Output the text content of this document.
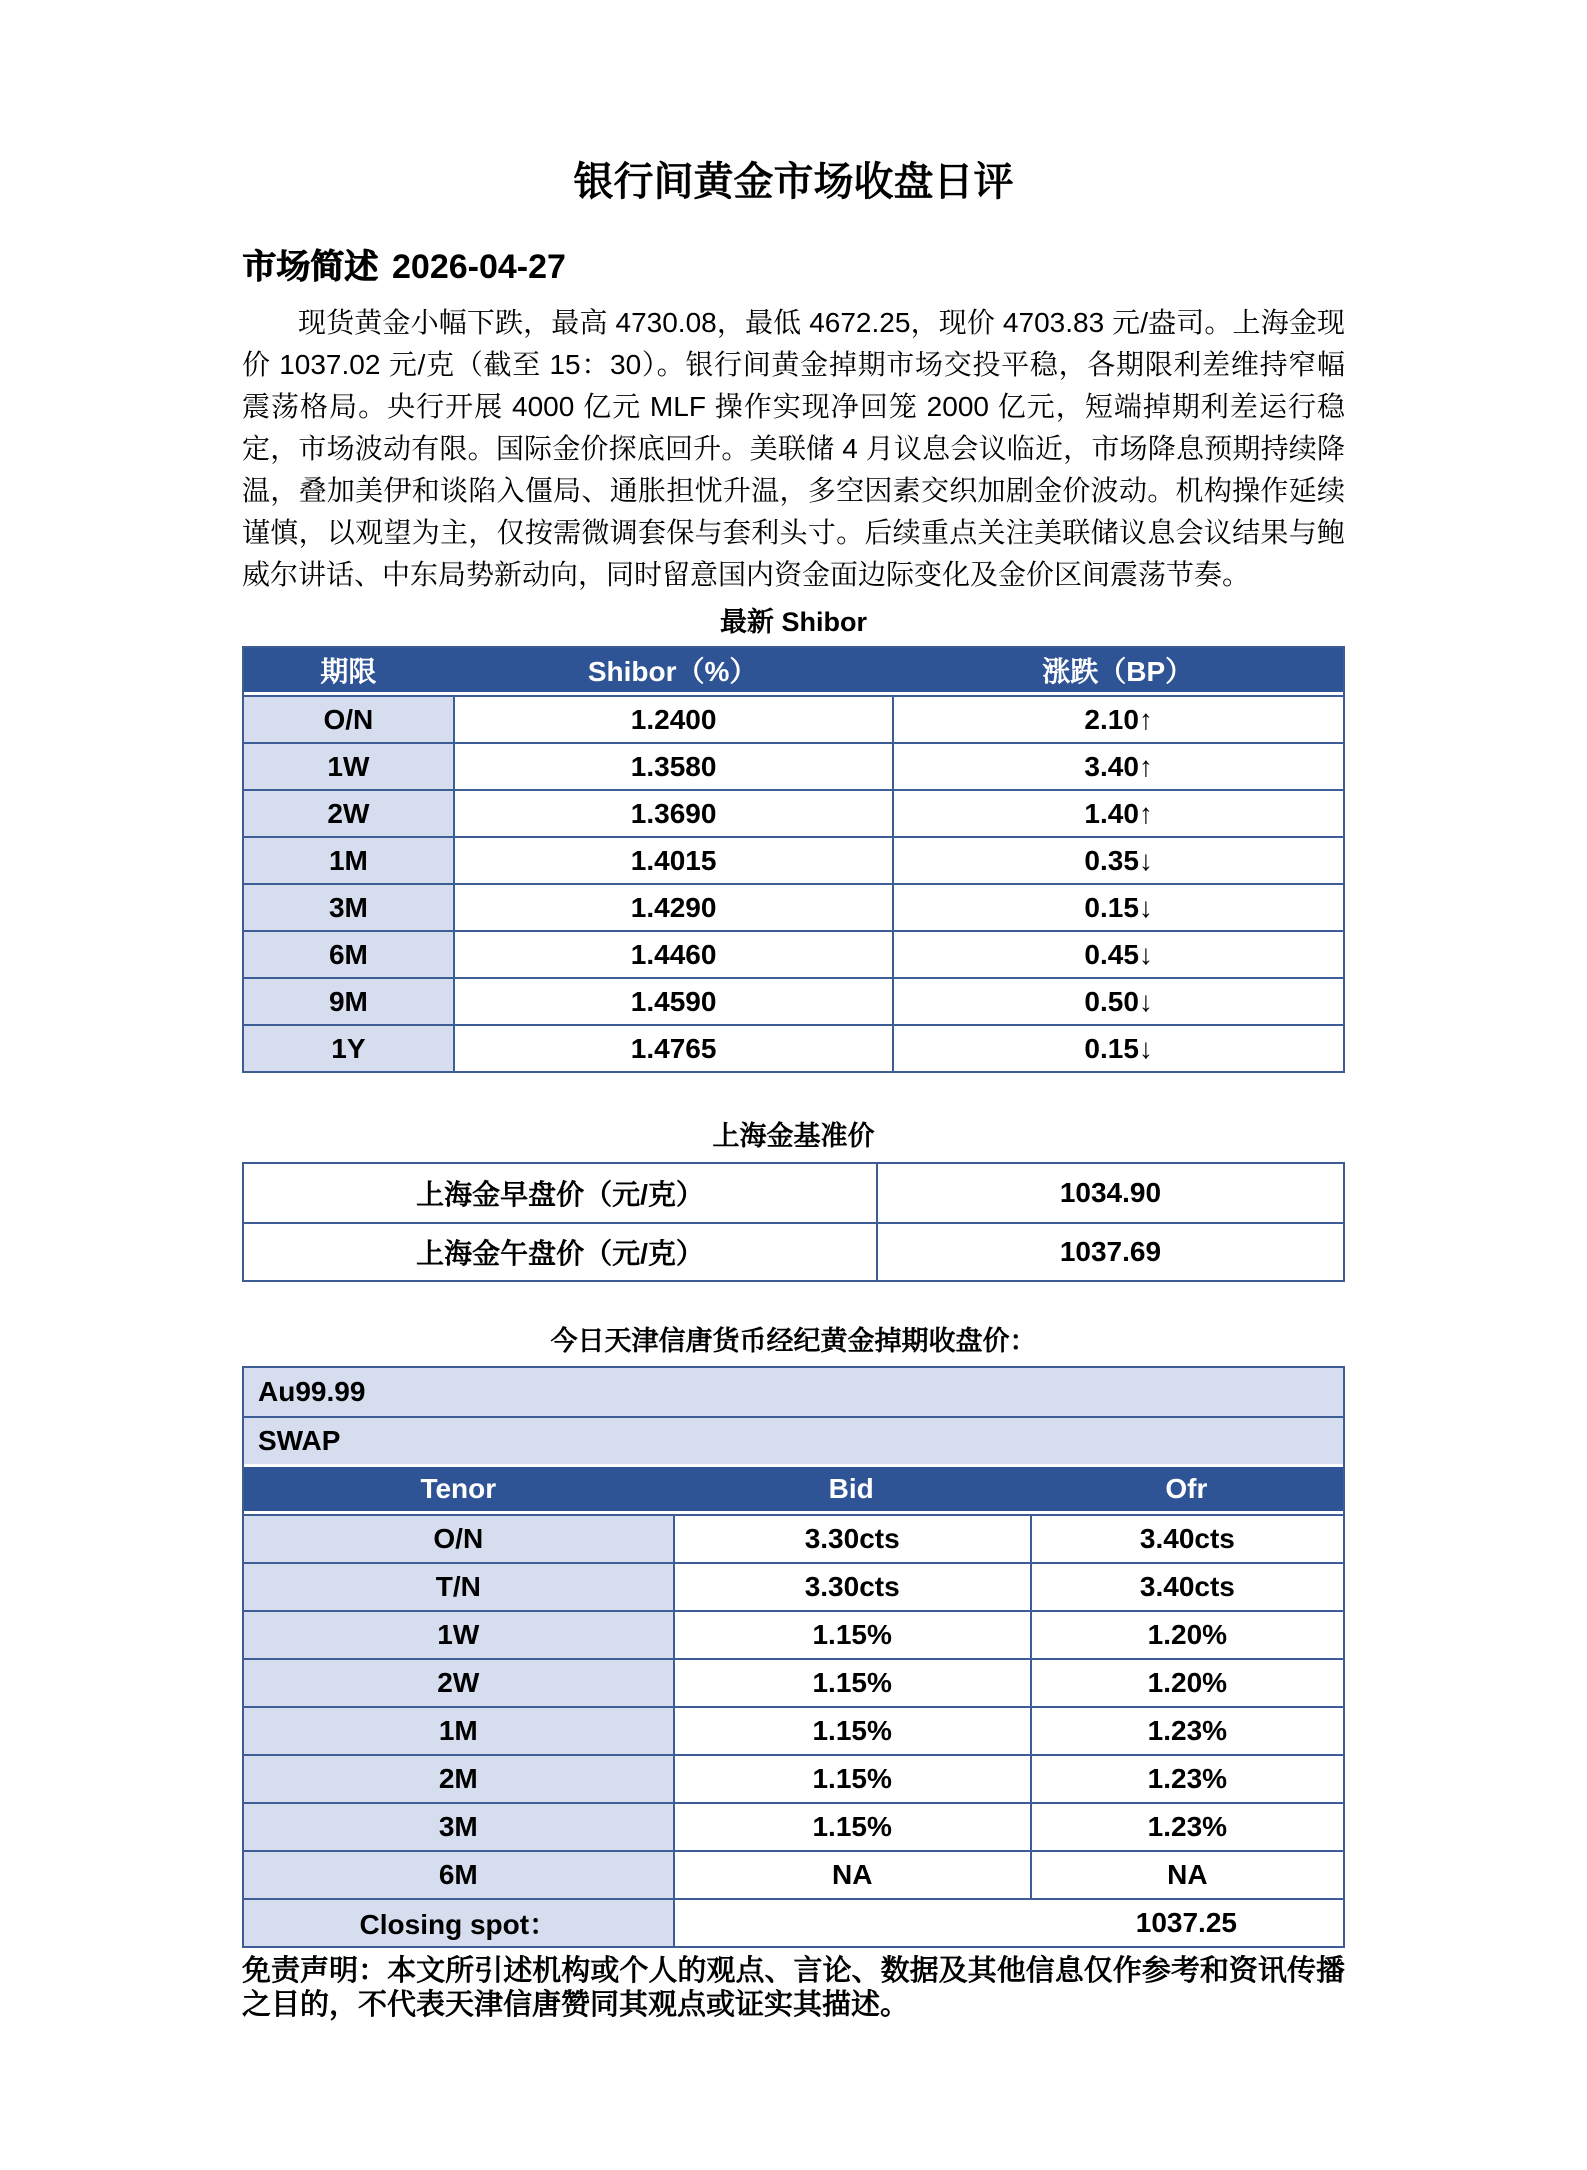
银行间黄金市场收盘日评
市场简述 2026-04-27
现货黄金小幅下跌，最高 4730.08，最低 4672.25，现价 4703.83 元/盎司。上海金现价 1037.02 元/克（截至 15：30）。银行间黄金掉期市场交投平稳，各期限利差维持窄幅震荡格局。央行开展 4000 亿元 MLF 操作实现净回笼 2000 亿元，短端掉期利差运行稳定，市场波动有限。国际金价探底回升。美联储 4 月议息会议临近，市场降息预期持续降温，叠加美伊和谈陷入僵局、通胀担忧升温，多空因素交织加剧金价波动。机构操作延续谨慎，以观望为主，仅按需微调套保与套利头寸。后续重点关注美联储议息会议结果与鲍威尔讲话、中东局势新动向，同时留意国内资金面边际变化及金价区间震荡节奏。
最新 Shibor
期限	Shibor（%）	涨跌（BP）
O/N	1.2400	2.10↑
1W	1.3580	3.40↑
2W	1.3690	1.40↑
1M	1.4015	0.35↓
3M	1.4290	0.15↓
6M	1.4460	0.45↓
9M	1.4590	0.50↓
1Y	1.4765	0.15↓
上海金基准价
上海金早盘价（元/克）	1034.90
上海金午盘价（元/克）	1037.69
今日天津信唐货币经纪黄金掉期收盘价：
Au99.99
SWAP
Tenor	Bid	Ofr
O/N	3.30cts	3.40cts
T/N	3.30cts	3.40cts
1W	1.15%	1.20%
2W	1.15%	1.20%
1M	1.15%	1.23%
2M	1.15%	1.23%
3M	1.15%	1.23%
6M	NA	NA
Closing spot：	1037.25
免责声明：本文所引述机构或个人的观点、言论、数据及其他信息仅作参考和资讯传播之目的，不代表天津信唐赞同其观点或证实其描述。
